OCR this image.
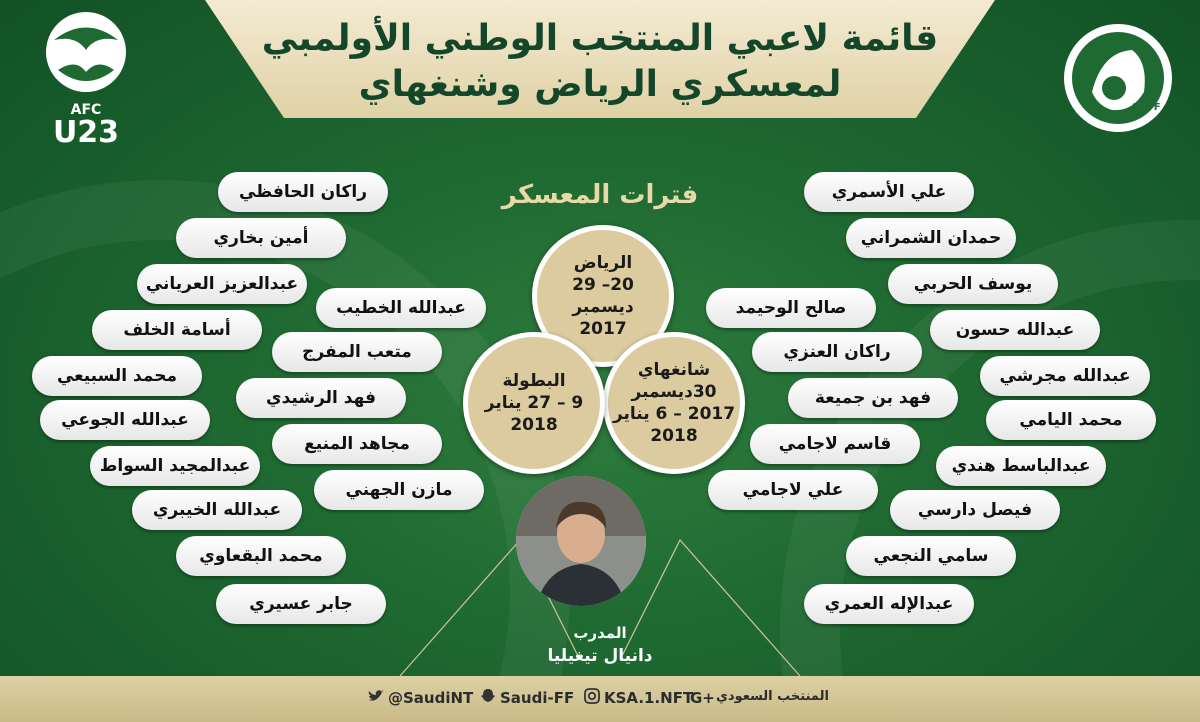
قائمة لاعبي المنتخب الوطني الأولمبي
لمعسكري الرياض وشنغهاي
AFC
U23
SAFF
فترات المعسكر
الرياض
20– 29
ديسمبر
2017
شانغهاي
30ديسمبر
2017 – 6 يناير
2018
البطولة
9 – 27 يناير
2018
المدرب
دانيال تيغيليا
راكان الحافظي
أمين بخاري
عبدالعزيز العرياني
أسامة الخلف
محمد السبيعي
عبدالله الجوعي
عبدالمجيد السواط
عبدالله الخيبري
محمد البقعاوي
جابر عسيري
عبدالله الخطيب
متعب المفرج
فهد الرشيدي
مجاهد المنيع
مازن الجهني
صالح الوحيمد
راكان العنزي
فهد بن جميعة
قاسم لاجامي
علي لاجامي
علي الأسمري
حمدان الشمراني
يوسف الحربي
عبدالله حسون
عبدالله مجرشي
محمد اليامي
عبدالباسط هندي
فيصل دارسي
سامي النجعي
عبدالإله العمري
@SaudiNT Saudi-FF KSA.1.NFT
G+ المنتخب السعودي
